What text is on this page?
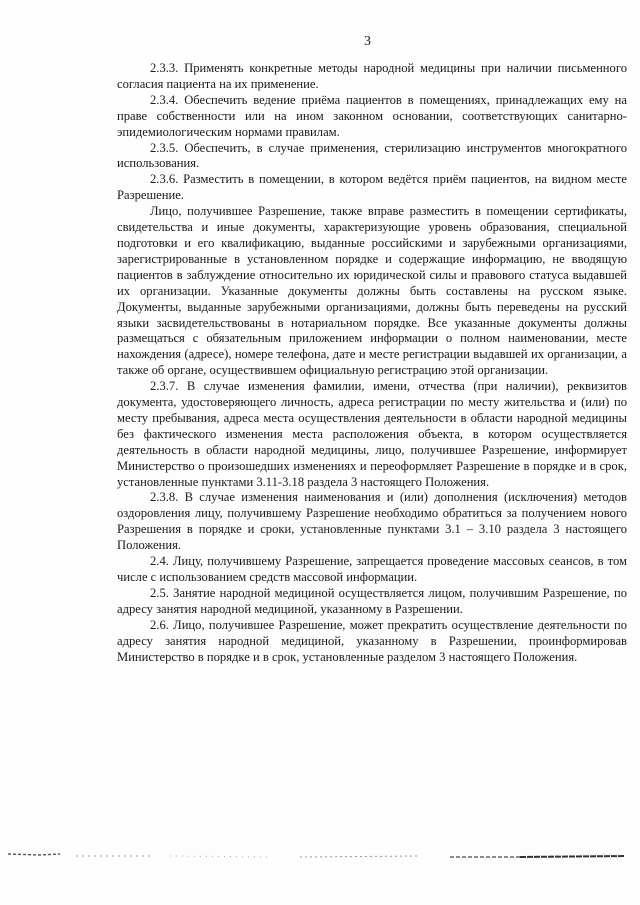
3

2.3.3. Применять конкретные методы народной медицины при наличии письменного согласия пациента на их применение.

2.3.4. Обеспечить ведение приёма пациентов в помещениях, принадлежащих ему на праве собственности или на ином законном основании, соответствующих санитарно-эпидемиологическим нормами правилам.

2.3.5. Обеспечить, в случае применения, стерилизацию инструментов многократного использования.

2.3.6. Разместить в помещении, в котором ведётся приём пациентов, на видном месте Разрешение.

Лицо, получившее Разрешение, также вправе разместить в помещении сертификаты, свидетельства и иные документы, характеризующие уровень образования, специальной подготовки и его квалификацию, выданные российскими и зарубежными организациями, зарегистрированные в установленном порядке и содержащие информацию, не вводящую пациентов в заблуждение относительно их юридической силы и правового статуса выдавшей их организации. Указанные документы должны быть составлены на русском языке. Документы, выданные зарубежными организациями, должны быть переведены на русский языки засвидетельствованы в нотариальном порядке. Все указанные документы должны размещаться с обязательным приложением информации о полном наименовании, месте нахождения (адресе), номере телефона, дате и месте регистрации выдавшей их организации, а также об органе, осуществившем официальную регистрацию этой организации.

2.3.7. В случае изменения фамилии, имени, отчества (при наличии), реквизитов документа, удостоверяющего личность, адреса регистрации по месту жительства и (или) по месту пребывания, адреса места осуществления деятельности в области народной медицины без фактического изменения места расположения объекта, в котором осуществляется деятельность в области народной медицины, лицо, получившее Разрешение, информирует Министерство о произошедших изменениях и переоформляет Разрешение в порядке и в срок, установленные пунктами 3.11-3.18 раздела 3 настоящего Положения.

2.3.8. В случае изменения наименования и (или) дополнения (исключения) методов оздоровления лицу, получившему Разрешение необходимо обратиться за получением нового Разрешения в порядке и сроки, установленные пунктами 3.1 – 3.10 раздела 3 настоящего Положения.

2.4. Лицу, получившему Разрешение, запрещается проведение массовых сеансов, в том числе с использованием средств массовой информации.

2.5. Занятие народной медициной осуществляется лицом, получившим Разрешение, по адресу занятия народной медициной, указанному в Разрешении.

2.6. Лицо, получившее Разрешение, может прекратить осуществление деятельности по адресу занятия народной медициной, указанному в Разрешении, проинформировав Министерство в порядке и в срок, установленные разделом 3 настоящего Положения.
